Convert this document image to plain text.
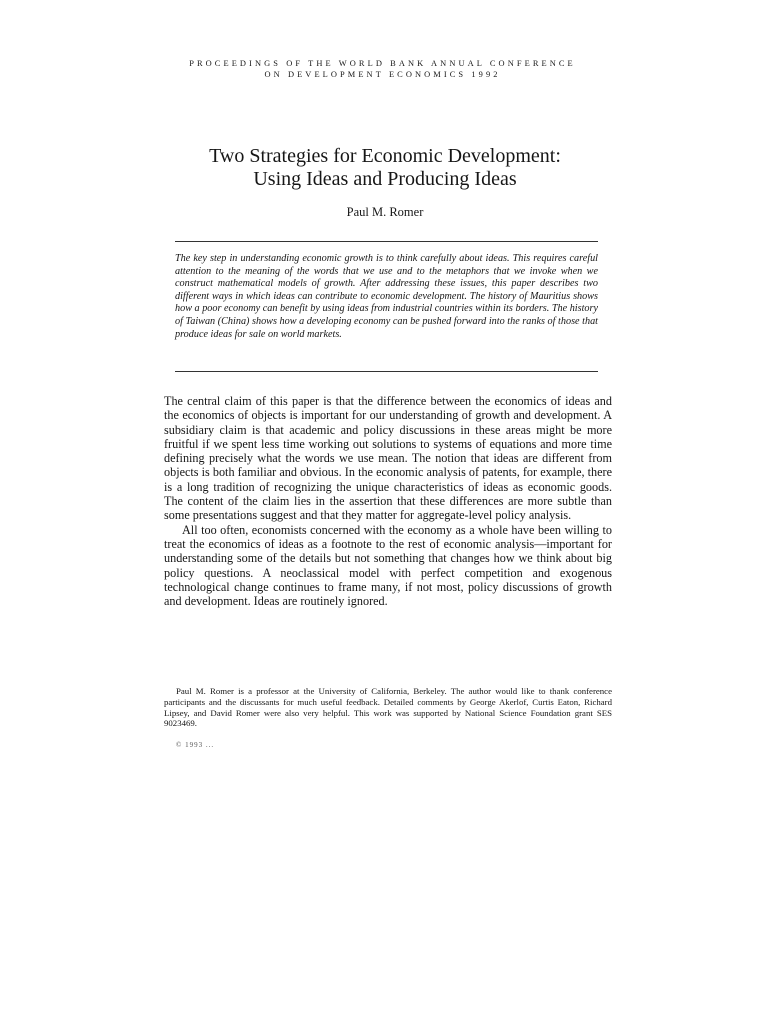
PROCEEDINGS OF THE WORLD BANK ANNUAL CONFERENCE
ON DEVELOPMENT ECONOMICS 1992
Two Strategies for Economic Development:
Using Ideas and Producing Ideas
Paul M. Romer
The key step in understanding economic growth is to think carefully about ideas. This requires careful attention to the meaning of the words that we use and to the metaphors that we invoke when we construct mathematical models of growth. After addressing these issues, this paper describes two different ways in which ideas can contribute to economic development. The history of Mauritius shows how a poor economy can benefit by using ideas from industrial countries within its borders. The history of Taiwan (China) shows how a developing economy can be pushed forward into the ranks of those that produce ideas for sale on world markets.

The central claim of this paper is that the difference between the economics of ideas and the economics of objects is important for our understanding of growth and development. A subsidiary claim is that academic and policy discussions in these areas might be more fruitful if we spent less time working out solutions to systems of equations and more time defining precisely what the words we use mean. The notion that ideas are different from objects is both familiar and obvious. In the economic analysis of patents, for example, there is a long tradition of recognizing the unique characteristics of ideas as economic goods. The content of the claim lies in the assertion that these differences are more subtle than some presentations suggest and that they matter for aggregate-level policy analysis.

All too often, economists concerned with the economy as a whole have been willing to treat the economics of ideas as a footnote to the rest of economic analysis—important for understanding some of the details but not something that changes how we think about big policy questions. A neoclassical model with perfect competition and exogenous technological change continues to frame many, if not most, policy discussions of growth and development. Ideas are routinely ignored.

Paul M. Romer is a professor at the University of California, Berkeley. The author would like to thank conference participants and the discussants for much useful feedback. Detailed comments by George Akerlof, Curtis Eaton, Richard Lipsey, and David Romer were also very helpful. This work was supported by National Science Foundation grant SES 9023469.
© 1993 ...
